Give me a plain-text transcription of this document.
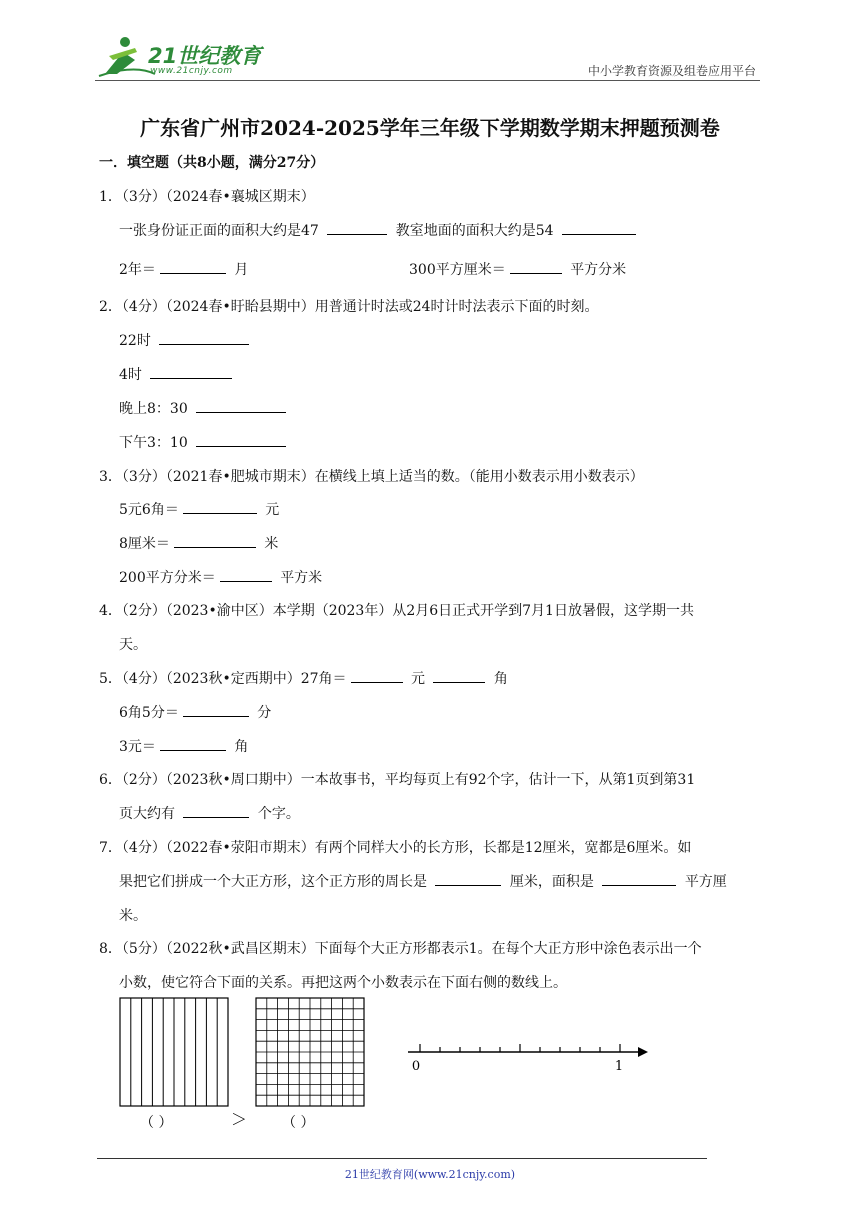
21世纪教育
www.21cnjy.com	中小学教育资源及组卷应用平台
广东省广州市2024-2025学年三年级下学期数学期末押题预测卷
一．填空题（共8小题，满分27分）
1．（3分）（2024春•襄城区期末）
一张身份证正面的面积大约是47	教室地面的面积大约是54
2年＝	月	300平方厘米＝	平方分米
2．（4分）（2024春•盱眙县期中）用普通计时法或24时计时法表示下面的时刻。
22时
4时
晚上8：30
下午3：10
3．（3分）（2021春•肥城市期末）在横线上填上适当的数。（能用小数表示用小数表示）
5元6角＝	元
8厘米＝	米
200平方分米＝	平方米
4．（2分）（2023•渝中区）本学期（2023年）从2月6日正式开学到7月1日放暑假，这学期一共
天。
5．（4分）（2023秋•定西期中）27角＝	元	角
6角5分＝	分
3元＝	角
6．（2分）（2023秋•周口期中）一本故事书，平均每页上有92个字，估计一下，从第1页到第31
页大约有	个字。
7．（4分）（2022春•荥阳市期末）有两个同样大小的长方形，长都是12厘米，宽都是6厘米。如
果把它们拼成一个大正方形，这个正方形的周长是	厘米，面积是	平方厘
米。
8．（5分）（2022秋•武昌区期末）下面每个大正方形都表示1。在每个大正方形中涂色表示出一个
小数，使它符合下面的关系。再把这两个小数表示在下面右侧的数线上。
0	1
（ ）	＞ （ ）
21世纪教育网(www.21cnjy.com)
